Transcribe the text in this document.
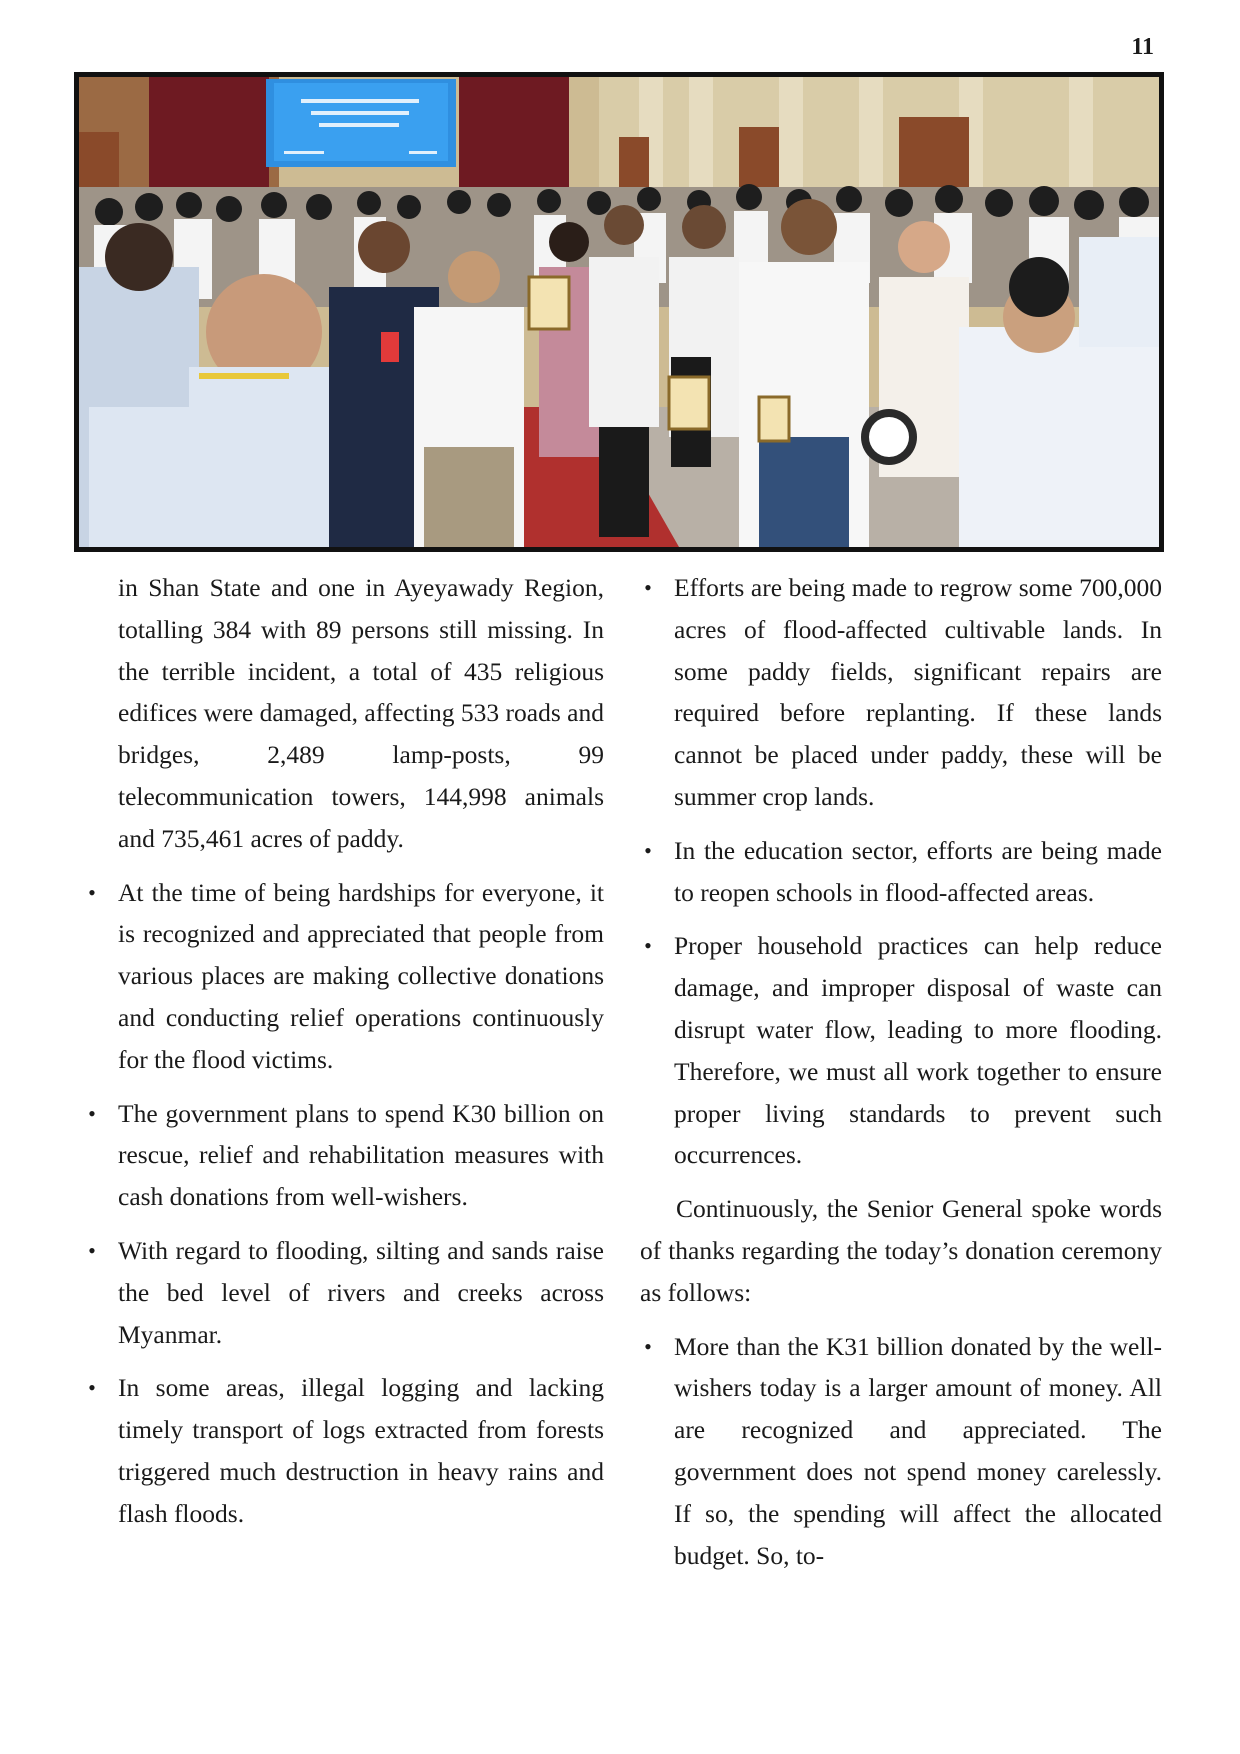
11

in Shan State and one in Ayeyawady Region, totalling 384 with 89 persons still missing. In the terrible incident, a total of 435 religious edifices were damaged, affecting 533 roads and bridges, 2,489 lamp-posts, 99 telecommunication towers, 144,998 animals and 735,461 acres of paddy.

• At the time of being hardships for everyone, it is recognized and appreciated that people from various places are making collective donations and conducting relief operations continuously for the flood victims.
• The government plans to spend K30 billion on rescue, relief and rehabilitation measures with cash donations from well-wishers.
• With regard to flooding, silting and sands raise the bed level of rivers and creeks across Myanmar.
• In some areas, illegal logging and lacking timely transport of logs extracted from forests triggered much destruction in heavy rains and flash floods.
• Efforts are being made to regrow some 700,000 acres of flood-affected cultivable lands. In some paddy fields, significant repairs are required before replanting. If these lands cannot be placed under paddy, these will be summer crop lands.
• In the education sector, efforts are being made to reopen schools in flood-affected areas.
• Proper household practices can help reduce damage, and improper disposal of waste can disrupt water flow, leading to more flooding. Therefore, we must all work together to ensure proper living standards to prevent such occurrences.

Continuously, the Senior General spoke words of thanks regarding the today’s donation ceremony as follows:

• More than the K31 billion donated by the well-wishers today is a larger amount of money. All are recognized and appreciated. The government does not spend money carelessly. If so, the spending will affect the allocated budget. So, to-
